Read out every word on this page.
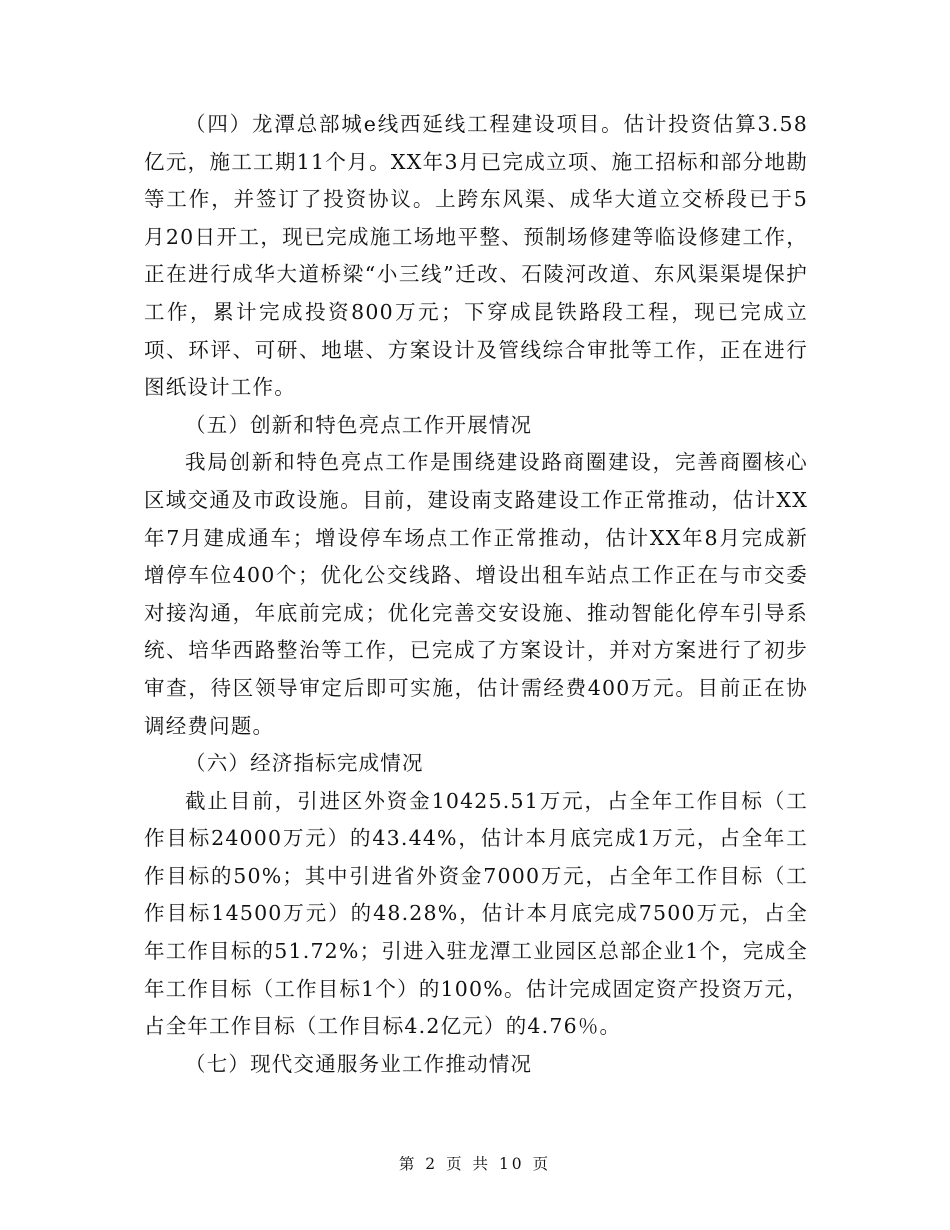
（四）龙潭总部城e线西延线工程建设项目。估计投资估算3.58亿元，施工工期11个月。XX年3月已完成立项、施工招标和部分地勘等工作，并签订了投资协议。上跨东风渠、成华大道立交桥段已于5月20日开工，现已完成施工场地平整、预制场修建等临设修建工作，正在进行成华大道桥梁“小三线”迁改、石陵河改道、东风渠渠堤保护工作，累计完成投资800万元；下穿成昆铁路段工程，现已完成立项、环评、可研、地堪、方案设计及管线综合审批等工作，正在进行图纸设计工作。

（五）创新和特色亮点工作开展情况

我局创新和特色亮点工作是围绕建设路商圈建设，完善商圈核心区域交通及市政设施。目前，建设南支路建设工作正常推动，估计XX年7月建成通车；增设停车场点工作正常推动，估计XX年8月完成新增停车位400个；优化公交线路、增设出租车站点工作正在与市交委对接沟通，年底前完成；优化完善交安设施、推动智能化停车引导系统、培华西路整治等工作，已完成了方案设计，并对方案进行了初步审查，待区领导审定后即可实施，估计需经费400万元。目前正在协调经费问题。

（六）经济指标完成情况

截止目前，引进区外资金10425.51万元，占全年工作目标（工作目标24000万元）的43.44%，估计本月底完成1万元，占全年工作目标的50%；其中引进省外资金7000万元，占全年工作目标（工作目标14500万元）的48.28%，估计本月底完成7500万元，占全年工作目标的51.72%；引进入驻龙潭工业园区总部企业1个，完成全年工作目标（工作目标1个）的100%。估计完成固定资产投资万元，占全年工作目标（工作目标4.2亿元）的4.76％。

（七）现代交通服务业工作推动情况

第 2 页 共 10 页
